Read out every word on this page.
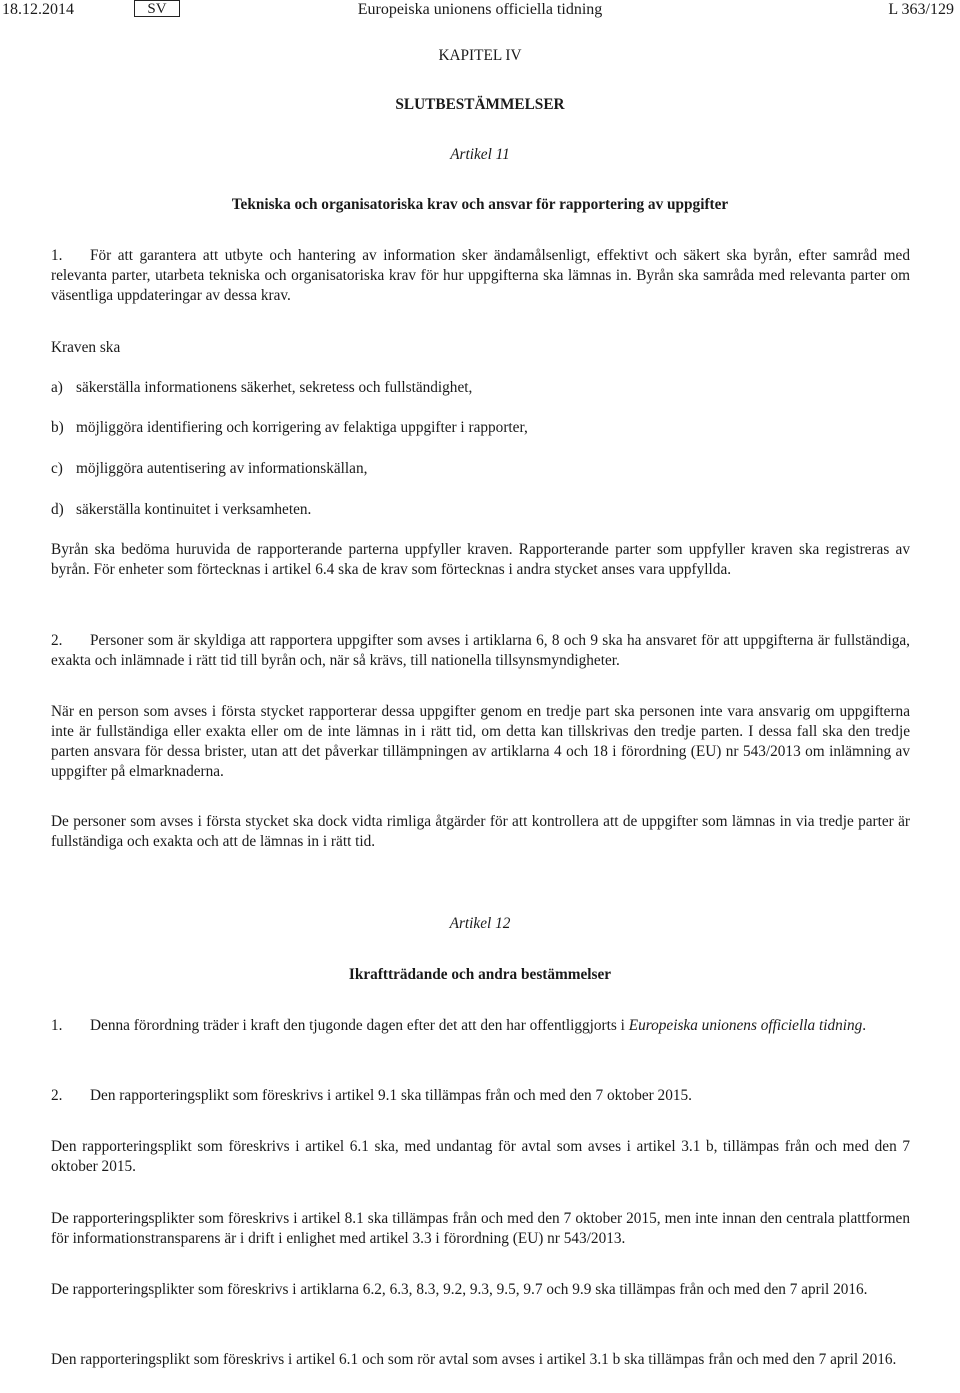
18.12.2014	SV	Europeiska unionens officiella tidning	L 363/129
KAPITEL IV
SLUTBESTÄMMELSER
Artikel 11
Tekniska och organisatoriska krav och ansvar för rapportering av uppgifter
1. För att garantera att utbyte och hantering av information sker ändamålsenligt, effektivt och säkert ska byrån, efter samråd med relevanta parter, utarbeta tekniska och organisatoriska krav för hur uppgifterna ska lämnas in. Byrån ska samråda med relevanta parter om väsentliga uppdateringar av dessa krav.
Kraven ska
a) säkerställa informationens säkerhet, sekretess och fullständighet,
b) möjliggöra identifiering och korrigering av felaktiga uppgifter i rapporter,
c) möjliggöra autentisering av informationskällan,
d) säkerställa kontinuitet i verksamheten.
Byrån ska bedöma huruvida de rapporterande parterna uppfyller kraven. Rapporterande parter som uppfyller kraven ska registreras av byrån. För enheter som förtecknas i artikel 6.4 ska de krav som förtecknas i andra stycket anses vara uppfyllda.
2. Personer som är skyldiga att rapportera uppgifter som avses i artiklarna 6, 8 och 9 ska ha ansvaret för att uppgifterna är fullständiga, exakta och inlämnade i rätt tid till byrån och, när så krävs, till nationella tillsynsmyndigheter.
När en person som avses i första stycket rapporterar dessa uppgifter genom en tredje part ska personen inte vara ansvarig om uppgifterna inte är fullständiga eller exakta eller om de inte lämnas in i rätt tid, om detta kan tillskrivas den tredje parten. I dessa fall ska den tredje parten ansvara för dessa brister, utan att det påverkar tillämpningen av artiklarna 4 och 18 i förordning (EU) nr 543/2013 om inlämning av uppgifter på elmarknaderna.
De personer som avses i första stycket ska dock vidta rimliga åtgärder för att kontrollera att de uppgifter som lämnas in via tredje parter är fullständiga och exakta och att de lämnas in i rätt tid.
Artikel 12
Ikraftträdande och andra bestämmelser
1. Denna förordning träder i kraft den tjugonde dagen efter det att den har offentliggjorts i Europeiska unionens officiella tidning.
2. Den rapporteringsplikt som föreskrivs i artikel 9.1 ska tillämpas från och med den 7 oktober 2015.
Den rapporteringsplikt som föreskrivs i artikel 6.1 ska, med undantag för avtal som avses i artikel 3.1 b, tillämpas från och med den 7 oktober 2015.
De rapporteringsplikter som föreskrivs i artikel 8.1 ska tillämpas från och med den 7 oktober 2015, men inte innan den centrala plattformen för informationstransparens är i drift i enlighet med artikel 3.3 i förordning (EU) nr 543/2013.
De rapporteringsplikter som föreskrivs i artiklarna 6.2, 6.3, 8.3, 9.2, 9.3, 9.5, 9.7 och 9.9 ska tillämpas från och med den 7 april 2016.
Den rapporteringsplikt som föreskrivs i artikel 6.1 och som rör avtal som avses i artikel 3.1 b ska tillämpas från och med den 7 april 2016.
